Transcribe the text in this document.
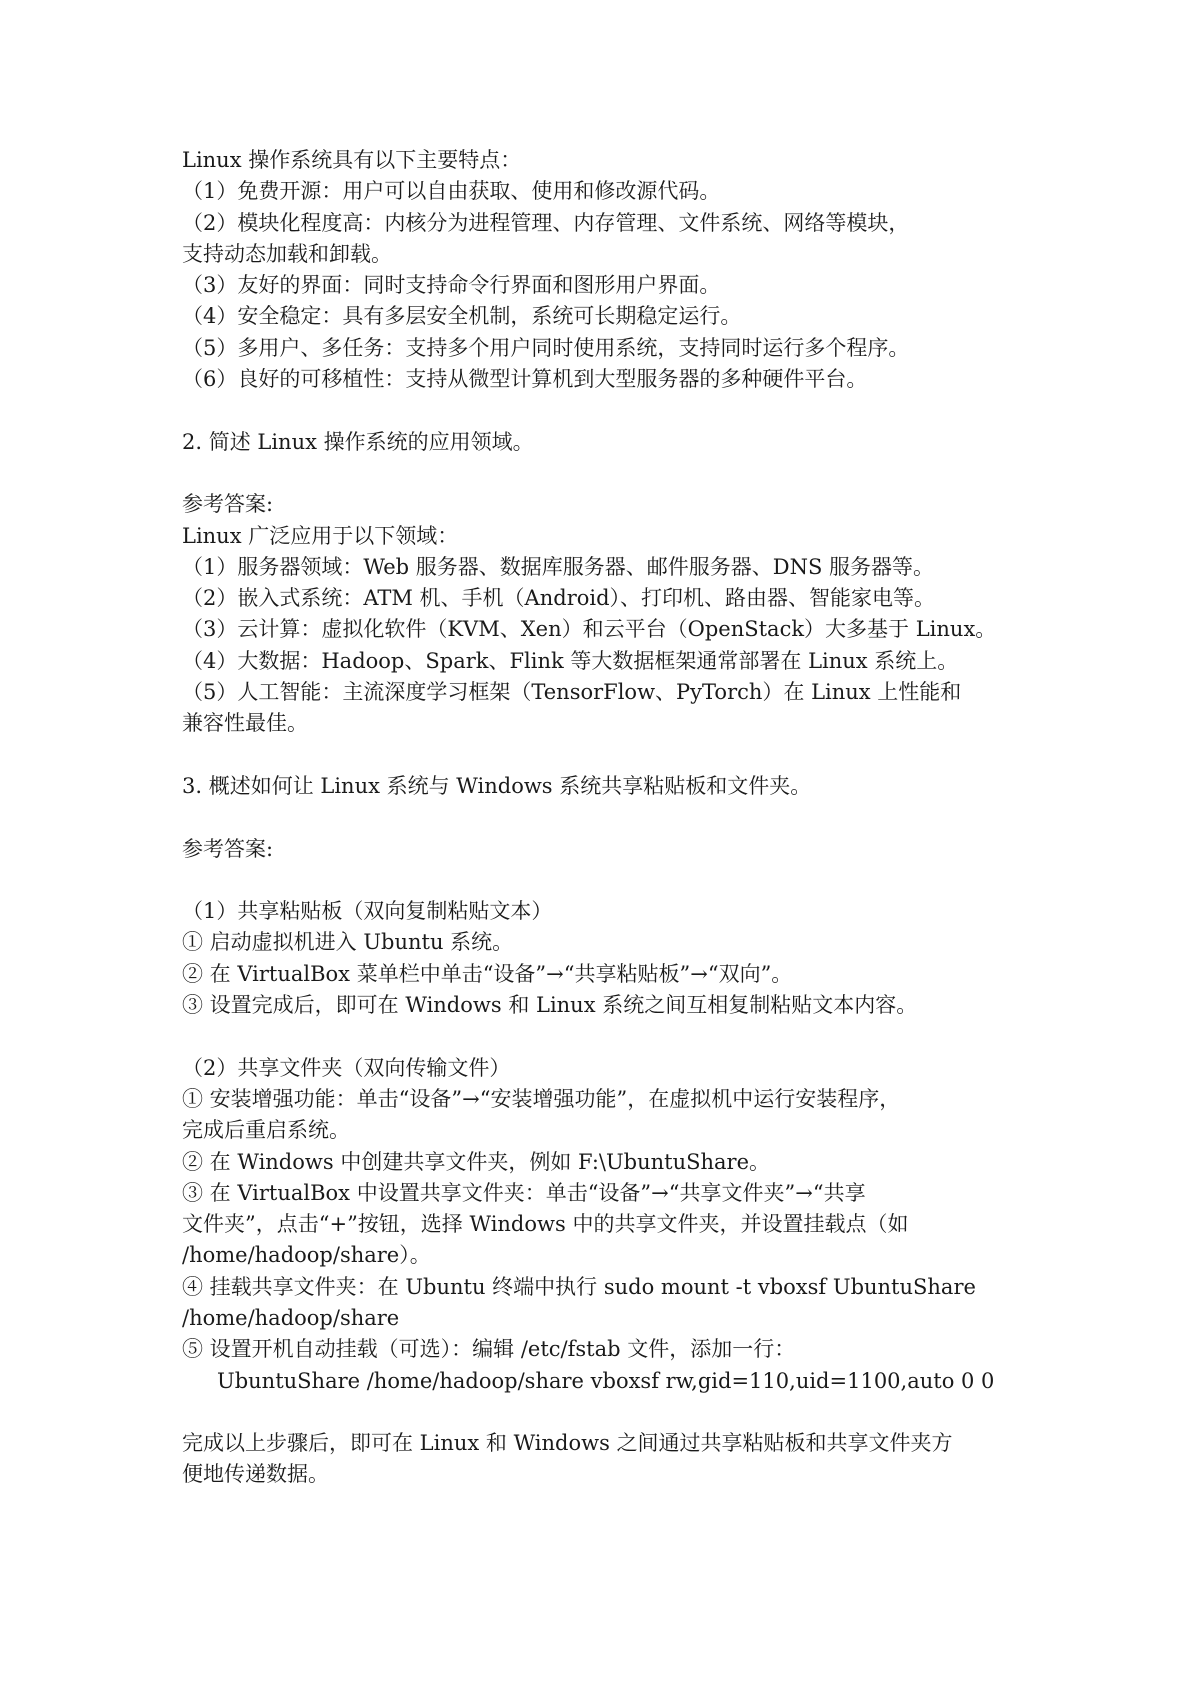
Linux 操作系统具有以下主要特点：
（1）免费开源：用户可以自由获取、使用和修改源代码。
（2）模块化程度高：内核分为进程管理、内存管理、文件系统、网络等模块，
支持动态加载和卸载。
（3）友好的界面：同时支持命令行界面和图形用户界面。
（4）安全稳定：具有多层安全机制，系统可长期稳定运行。
（5）多用户、多任务：支持多个用户同时使用系统，支持同时运行多个程序。
（6）良好的可移植性：支持从微型计算机到大型服务器的多种硬件平台。
2. 简述 Linux 操作系统的应用领域。
参考答案:
Linux 广泛应用于以下领域：
（1）服务器领域：Web 服务器、数据库服务器、邮件服务器、DNS 服务器等。
（2）嵌入式系统：ATM 机、手机（Android）、打印机、路由器、智能家电等。
（3）云计算：虚拟化软件（KVM、Xen）和云平台（OpenStack）大多基于 Linux。
（4）大数据：Hadoop、Spark、Flink 等大数据框架通常部署在 Linux 系统上。
（5）人工智能：主流深度学习框架（TensorFlow、PyTorch）在 Linux 上性能和
兼容性最佳。
3. 概述如何让 Linux 系统与 Windows 系统共享粘贴板和文件夹。
参考答案:
（1）共享粘贴板（双向复制粘贴文本）
① 启动虚拟机进入 Ubuntu 系统。
② 在 VirtualBox 菜单栏中单击“设备”→“共享粘贴板”→“双向”。
③ 设置完成后，即可在 Windows 和 Linux 系统之间互相复制粘贴文本内容。
（2）共享文件夹（双向传输文件）
① 安装增强功能：单击“设备”→“安装增强功能”，在虚拟机中运行安装程序，
完成后重启系统。
② 在 Windows 中创建共享文件夹，例如 F:\UbuntuShare。
③ 在 VirtualBox 中设置共享文件夹：单击“设备”→“共享文件夹”→“共享
文件夹”，点击“+”按钮，选择 Windows 中的共享文件夹，并设置挂载点（如
/home/hadoop/share）。
④ 挂载共享文件夹：在 Ubuntu 终端中执行 sudo mount -t vboxsf UbuntuShare
/home/hadoop/share
⑤ 设置开机自动挂载（可选）：编辑 /etc/fstab 文件，添加一行：
UbuntuShare /home/hadoop/share vboxsf rw,gid=110,uid=1100,auto 0 0
完成以上步骤后，即可在 Linux 和 Windows 之间通过共享粘贴板和共享文件夹方
便地传递数据。
